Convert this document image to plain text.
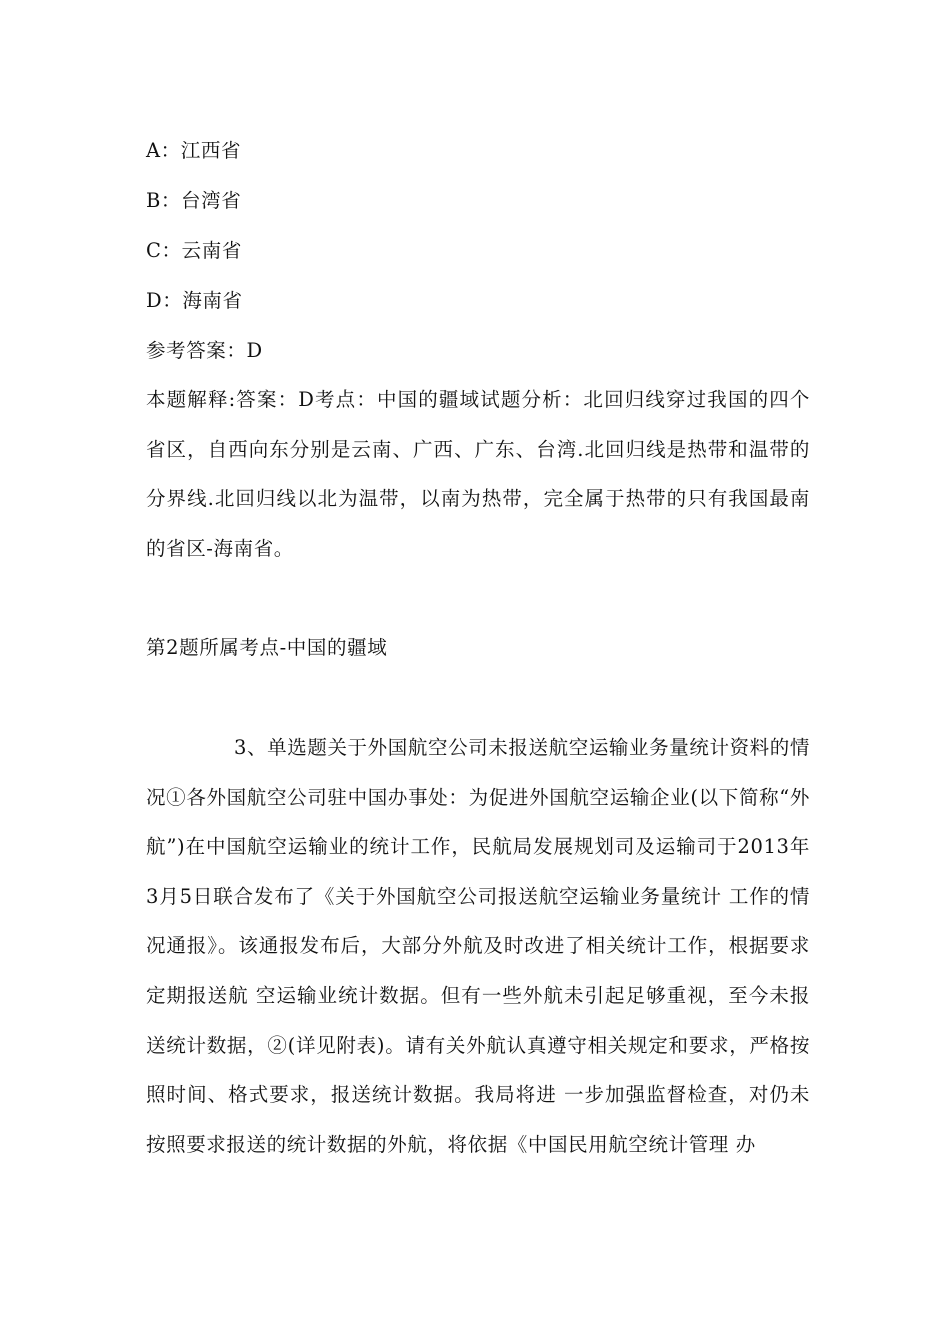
A：江西省
B：台湾省
C：云南省
D：海南省
参考答案：D
本题解释:答案：D考点：中国的疆域试题分析：北回归线穿过我国的四个省区，自西向东分别是云南、广西、广东、台湾.北回归线是热带和温带的分界线.北回归线以北为温带，以南为热带，完全属于热带的只有我国最南的省区-海南省。
第2题所属考点-中国的疆域
3、单选题关于外国航空公司未报送航空运输业务量统计资料的情况①各外国航空公司驻中国办事处：为促进外国航空运输企业(以下简称“外航”)在中国航空运输业的统计工作，民航局发展规划司及运输司于2013年3月5日联合发布了《关于外国航空公司报送航空运输业务量统计 工作的情况通报》。该通报发布后，大部分外航及时改进了相关统计工作，根据要求定期报送航 空运输业统计数据。但有一些外航未引起足够重视，至今未报送统计数据，②(详见附表)。请有关外航认真遵守相关规定和要求，严格按照时间、格式要求，报送统计数据。我局将进 一步加强监督检查，对仍未按照要求报送的统计数据的外航，将依据《中国民用航空统计管理 办
